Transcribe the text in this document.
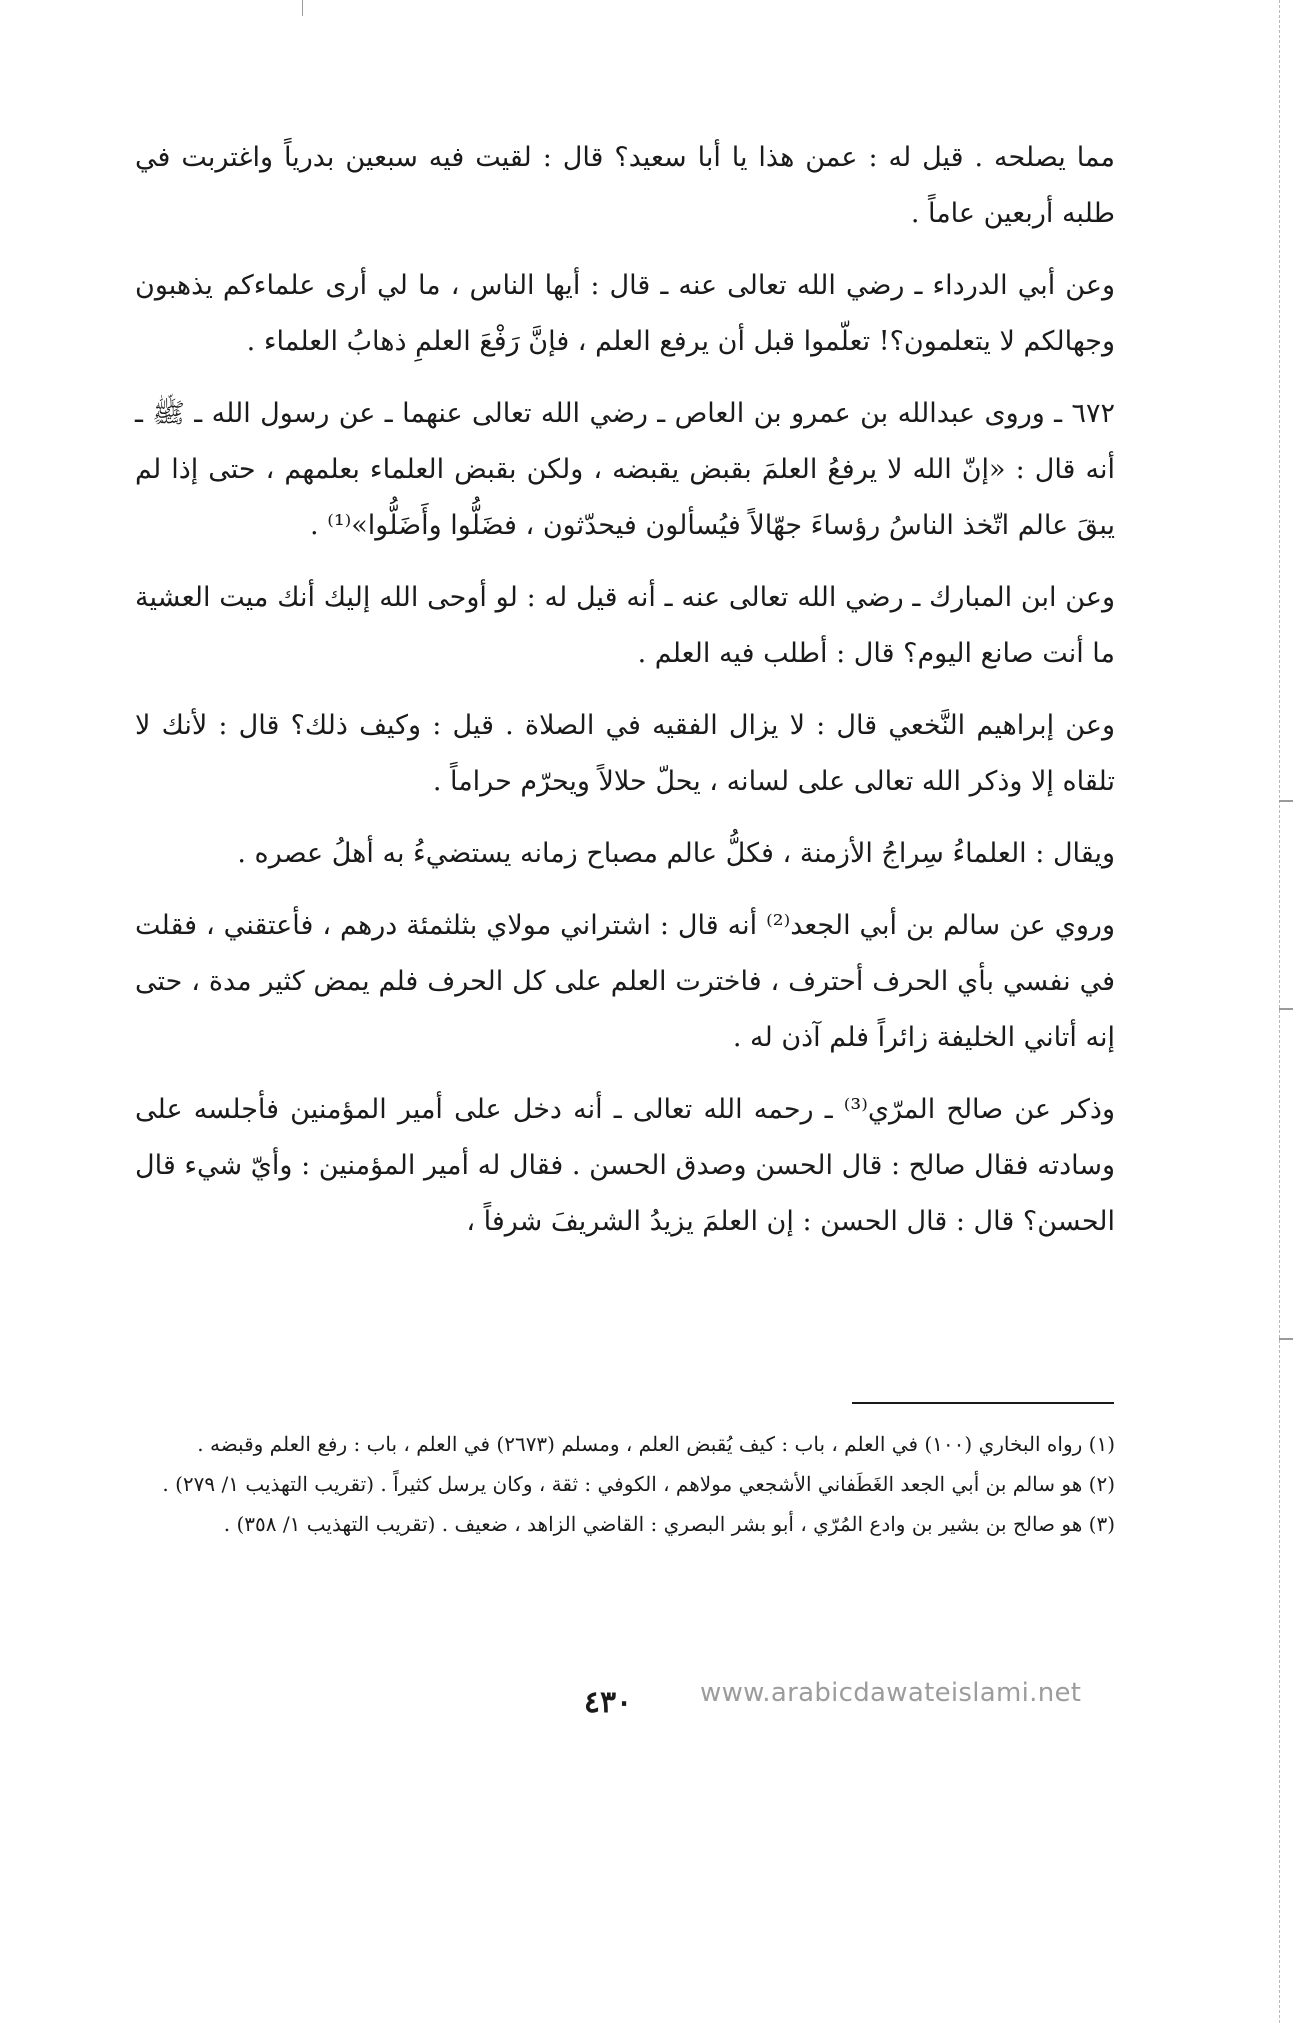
مما يصلحه . قيل له : عمن هذا يا أبا سعيد؟ قال : لقيت فيه سبعين بدرياً واغتربت في طلبه أربعين عاماً .

وعن أبي الدرداء ـ رضي الله تعالى عنه ـ قال : أيها الناس ، ما لي أرى علماءكم يذهبون وجهالكم لا يتعلمون؟! تعلّموا قبل أن يرفع العلم ، فإنَّ رَفْعَ العلمِ ذهابُ العلماء .

٦٧٢ ـ وروى عبدالله بن عمرو بن العاص ـ رضي الله تعالى عنهما ـ عن رسول الله ـ ﷺ ـ أنه قال : «إنّ الله لا يرفعُ العلمَ بقبض يقبضه ، ولكن بقبض العلماء بعلمهم ، حتى إذا لم يبقَ عالم اتّخذ الناسُ رؤساءَ جهّالاً فيُسألون فيحدّثون ، فضَلُّوا وأَضَلُّوا»⁽¹⁾ .

وعن ابن المبارك ـ رضي الله تعالى عنه ـ أنه قيل له : لو أوحى الله إليك أنك ميت العشية ما أنت صانع اليوم؟ قال : أطلب فيه العلم .

وعن إبراهيم النَّخعي قال : لا يزال الفقيه في الصلاة . قيل : وكيف ذلك؟ قال : لأنك لا تلقاه إلا وذكر الله تعالى على لسانه ، يحلّ حلالاً ويحرّم حراماً .

ويقال : العلماءُ سِراجُ الأزمنة ، فكلُّ عالم مصباح زمانه يستضيءُ به أهلُ عصره .

وروي عن سالم بن أبي الجعد⁽²⁾ أنه قال : اشتراني مولاي بثلثمئة درهم ، فأعتقني ، فقلت في نفسي بأي الحرف أحترف ، فاخترت العلم على كل الحرف فلم يمض كثير مدة ، حتى إنه أتاني الخليفة زائراً فلم آذن له .

وذكر عن صالح المرّي⁽³⁾ ـ رحمه الله تعالى ـ أنه دخل على أمير المؤمنين فأجلسه على وسادته فقال صالح : قال الحسن وصدق الحسن . فقال له أمير المؤمنين : وأيّ شيء قال الحسن؟ قال : قال الحسن : إن العلمَ يزيدُ الشريفَ شرفاً ،

(١) رواه البخاري (١٠٠) في العلم ، باب : كيف يُقبض العلم ، ومسلم (٢٦٧٣) في العلم ، باب : رفع العلم وقبضه .

(٢) هو سالم بن أبي الجعد الغَطَفاني الأشجعي مولاهم ، الكوفي : ثقة ، وكان يرسل كثيراً . (تقريب التهذيب ١/ ٢٧٩) .

(٣) هو صالح بن بشير بن وادع المُرّي ، أبو بشر البصري : القاضي الزاهد ، ضعيف . (تقريب التهذيب ١/ ٣٥٨) .

٤٣٠	www.arabicdawateislami.net
